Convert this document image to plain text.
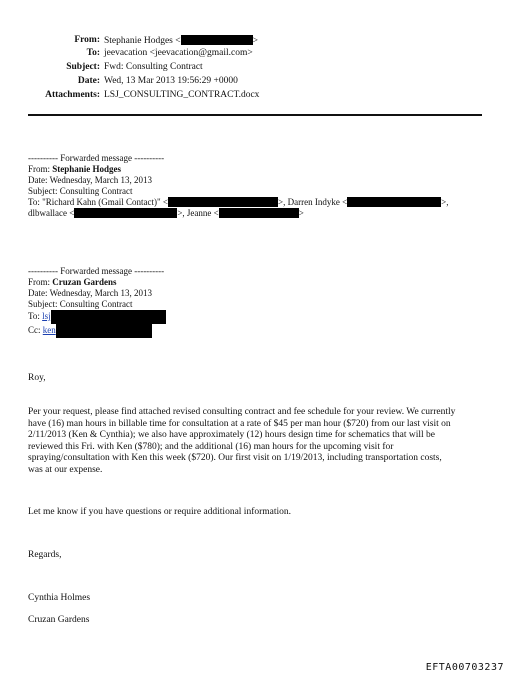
From: Stephanie Hodges <	>
To: jeevacation <jeevacation@gmail.com>
Subject: Fwd: Consulting Contract
Date: Wed, 13 Mar 2013 19:56:29 +0000
Attachments: LSJ_CONSULTING_CONTRACT.docx
---------- Forwarded message ----------
From: Stephanie Hodges
Date: Wednesday, March 13, 2013
Subject: Consulting Contract
To: "Richard Kahn (Gmail Contact)" <	>, Darren Indyke <	>,
dlbwallace <	>, Jeanne <	>
---------- Forwarded message ----------
From: Cruzan Gardens
Date: Wednesday, March 13, 2013
Subject: Consulting Contract
To: lsj
Cc: ken
Roy,
Per your request, please find attached revised consulting contract and fee schedule for your review. We currently
have (16) man hours in billable time for consultation at a rate of $45 per man hour ($720) from our last visit on
2/11/2013 (Ken & Cynthia); we also have approximately (12) hours design time for schematics that will be
reviewed this Fri. with Ken ($780); and the additional (16) man hours for the upcoming visit for
spraying/consultation with Ken this week ($720). Our first visit on 1/19/2013, including transportation costs,
was at our expense.
Let me know if you have questions or require additional information.
Regards,
Cynthia Holmes
Cruzan Gardens
EFTA00703237
